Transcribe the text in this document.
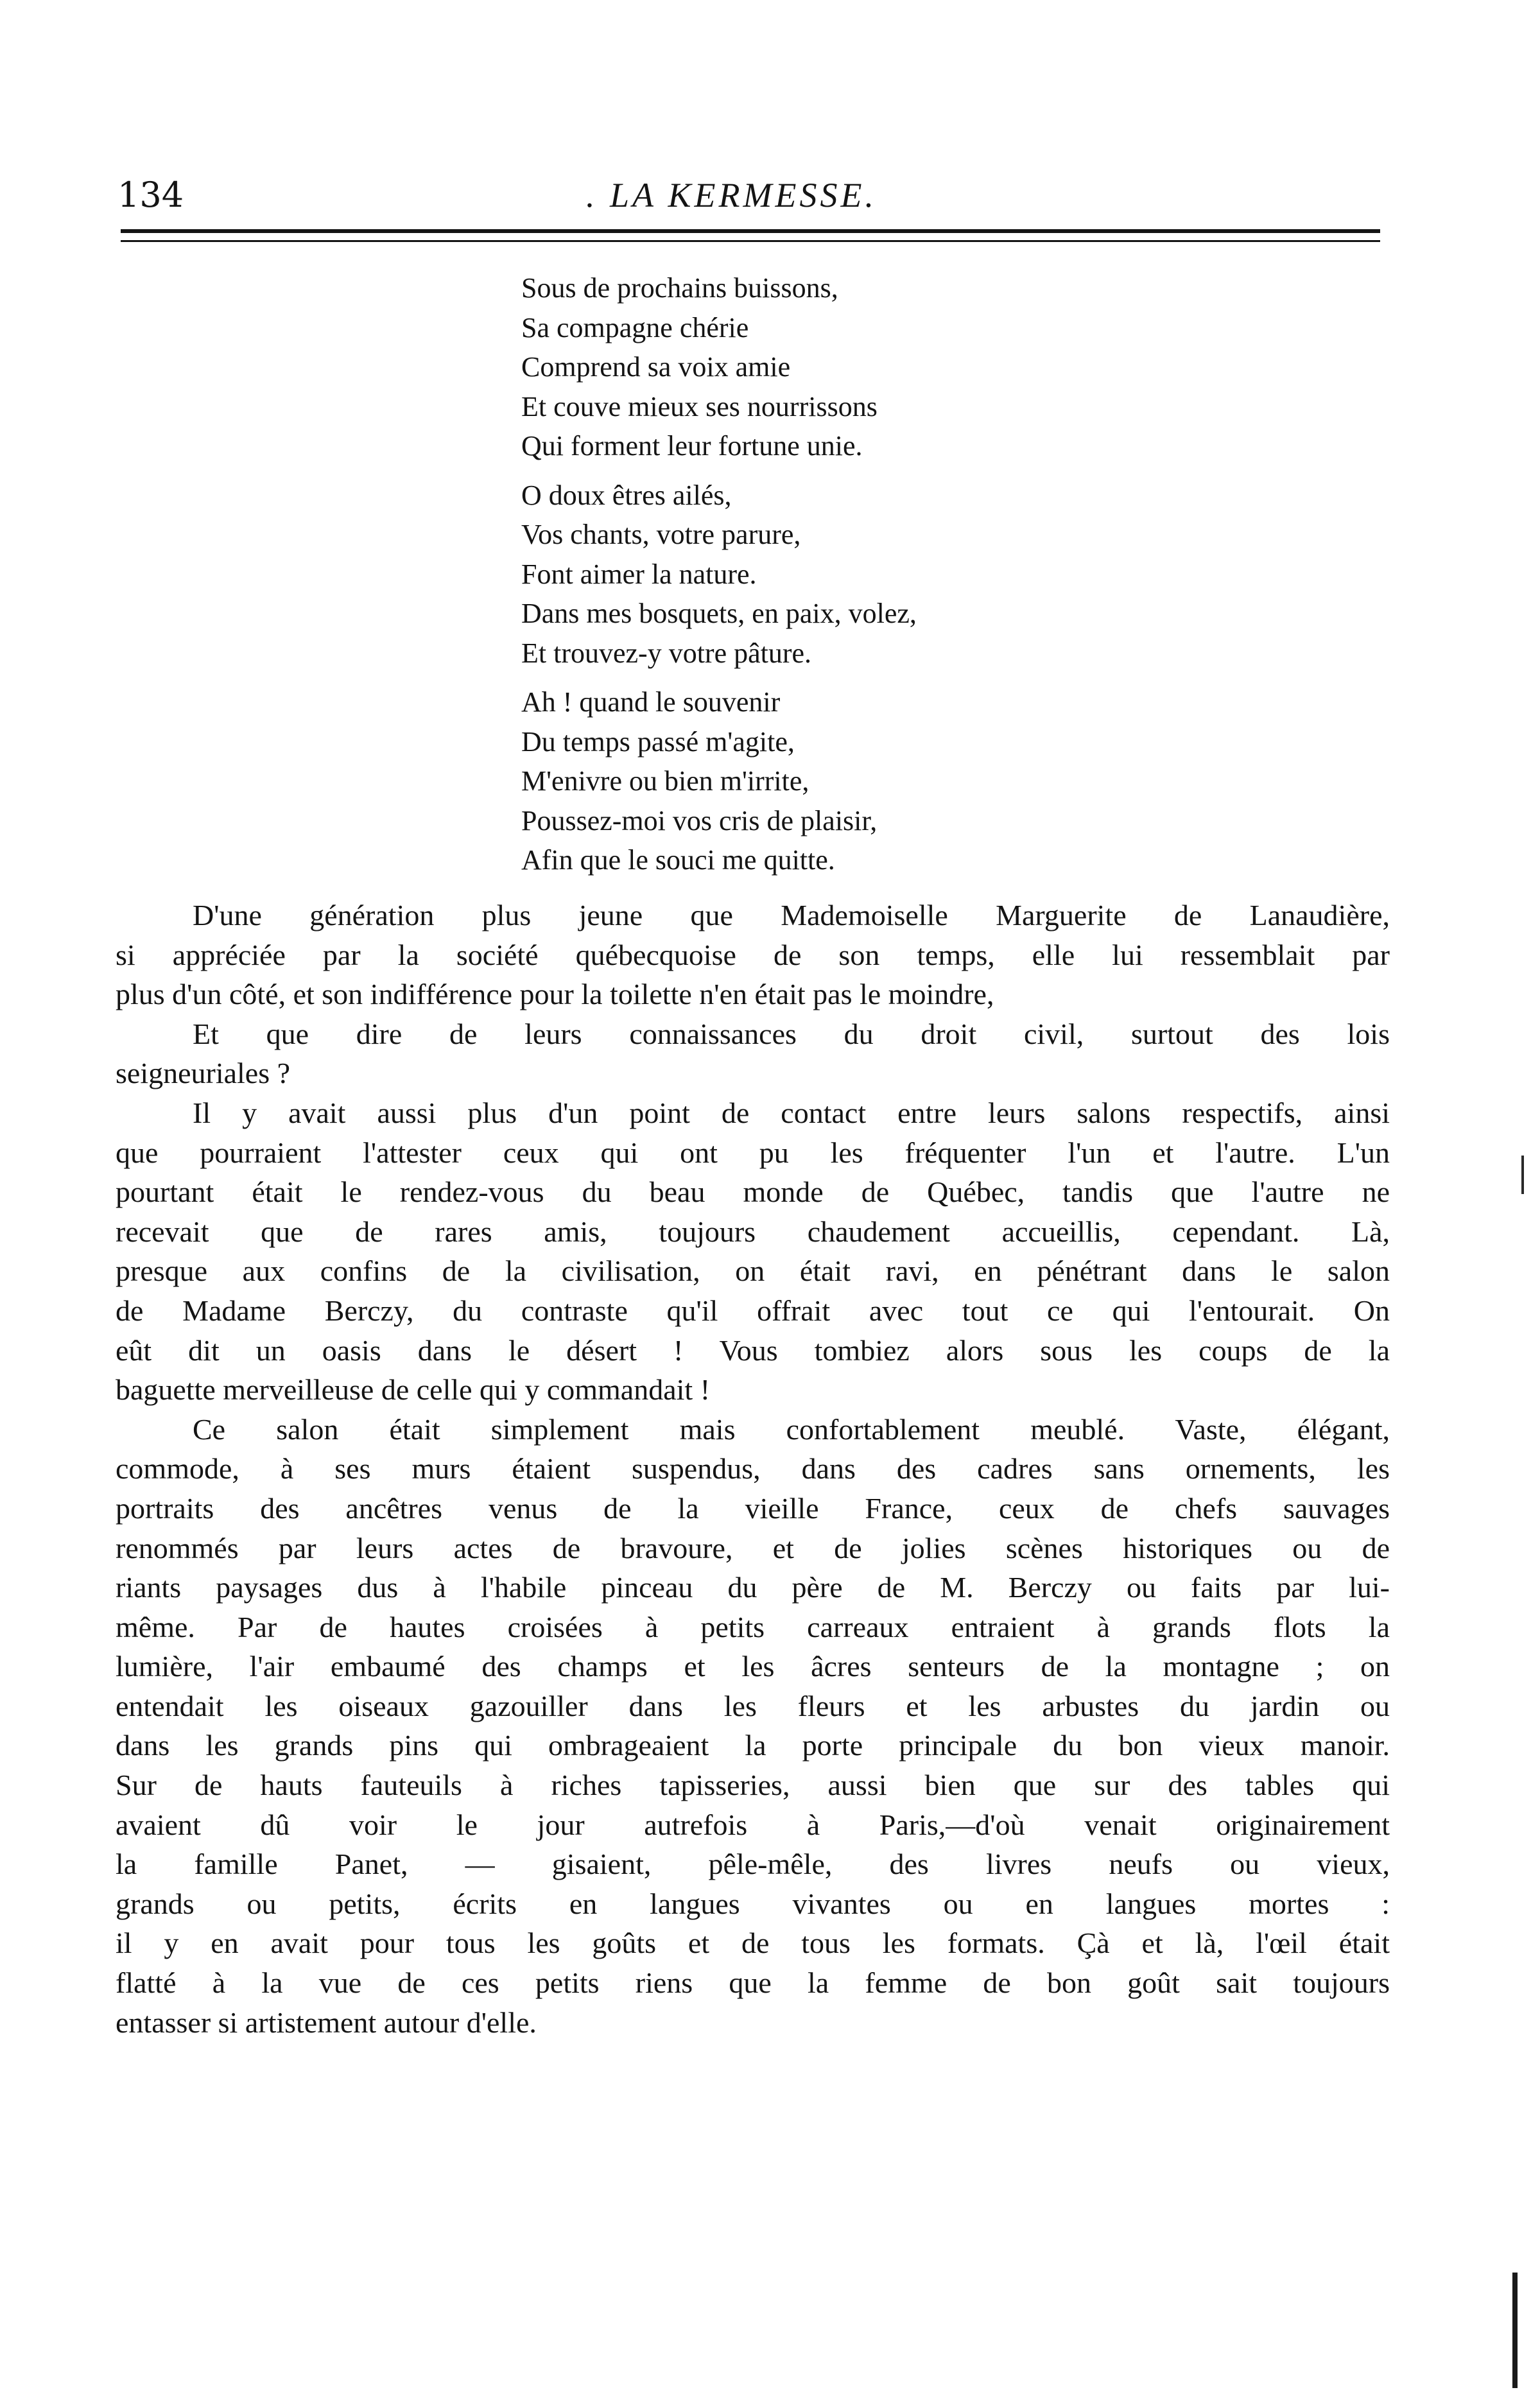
134	. LA KERMESSE.
Sous de prochains buissons,
Sa compagne chérie
Comprend sa voix amie
Et couve mieux ses nourrissons
Qui forment leur fortune unie.
O doux êtres ailés,
Vos chants, votre parure,
Font aimer la nature.
Dans mes bosquets, en paix, volez,
Et trouvez-y votre pâture.
Ah ! quand le souvenir
Du temps passé m'agite,
M'enivre ou bien m'irrite,
Poussez-moi vos cris de plaisir,
Afin que le souci me quitte.

D'une génération plus jeune que Mademoiselle Marguerite de Lanaudière,
si appréciée par la société québecquoise de son temps, elle lui ressemblait par
plus d'un côté, et son indifférence pour la toilette n'en était pas le moindre,

Et que dire de leurs connaissances du droit civil, surtout des lois
seigneuriales ?

Il y avait aussi plus d'un point de contact entre leurs salons respectifs, ainsi
que pourraient l'attester ceux qui ont pu les fréquenter l'un et l'autre. L'un
pourtant était le rendez-vous du beau monde de Québec, tandis que l'autre ne
recevait que de rares amis, toujours chaudement accueillis, cependant. Là,
presque aux confins de la civilisation, on était ravi, en pénétrant dans le salon
de Madame Berczy, du contraste qu'il offrait avec tout ce qui l'entourait. On
eût dit un oasis dans le désert ! Vous tombiez alors sous les coups de la
baguette merveilleuse de celle qui y commandait !

Ce salon était simplement mais confortablement meublé. Vaste, élégant,
commode, à ses murs étaient suspendus, dans des cadres sans ornements, les
portraits des ancêtres venus de la vieille France, ceux de chefs sauvages
renommés par leurs actes de bravoure, et de jolies scènes historiques ou de
riants paysages dus à l'habile pinceau du père de M. Berczy ou faits par lui-
même. Par de hautes croisées à petits carreaux entraient à grands flots la
lumière, l'air embaumé des champs et les âcres senteurs de la montagne ; on
entendait les oiseaux gazouiller dans les fleurs et les arbustes du jardin ou
dans les grands pins qui ombrageaient la porte principale du bon vieux manoir.
Sur de hauts fauteuils à riches tapisseries, aussi bien que sur des tables qui
avaient dû voir le jour autrefois à Paris,—d'où venait originairement
la famille Panet, — gisaient, pêle-mêle, des livres neufs ou vieux,
grands ou petits, écrits en langues vivantes ou en langues mortes :
il y en avait pour tous les goûts et de tous les formats. Çà et là, l'œil était
flatté à la vue de ces petits riens que la femme de bon goût sait toujours
entasser si artistement autour d'elle.
